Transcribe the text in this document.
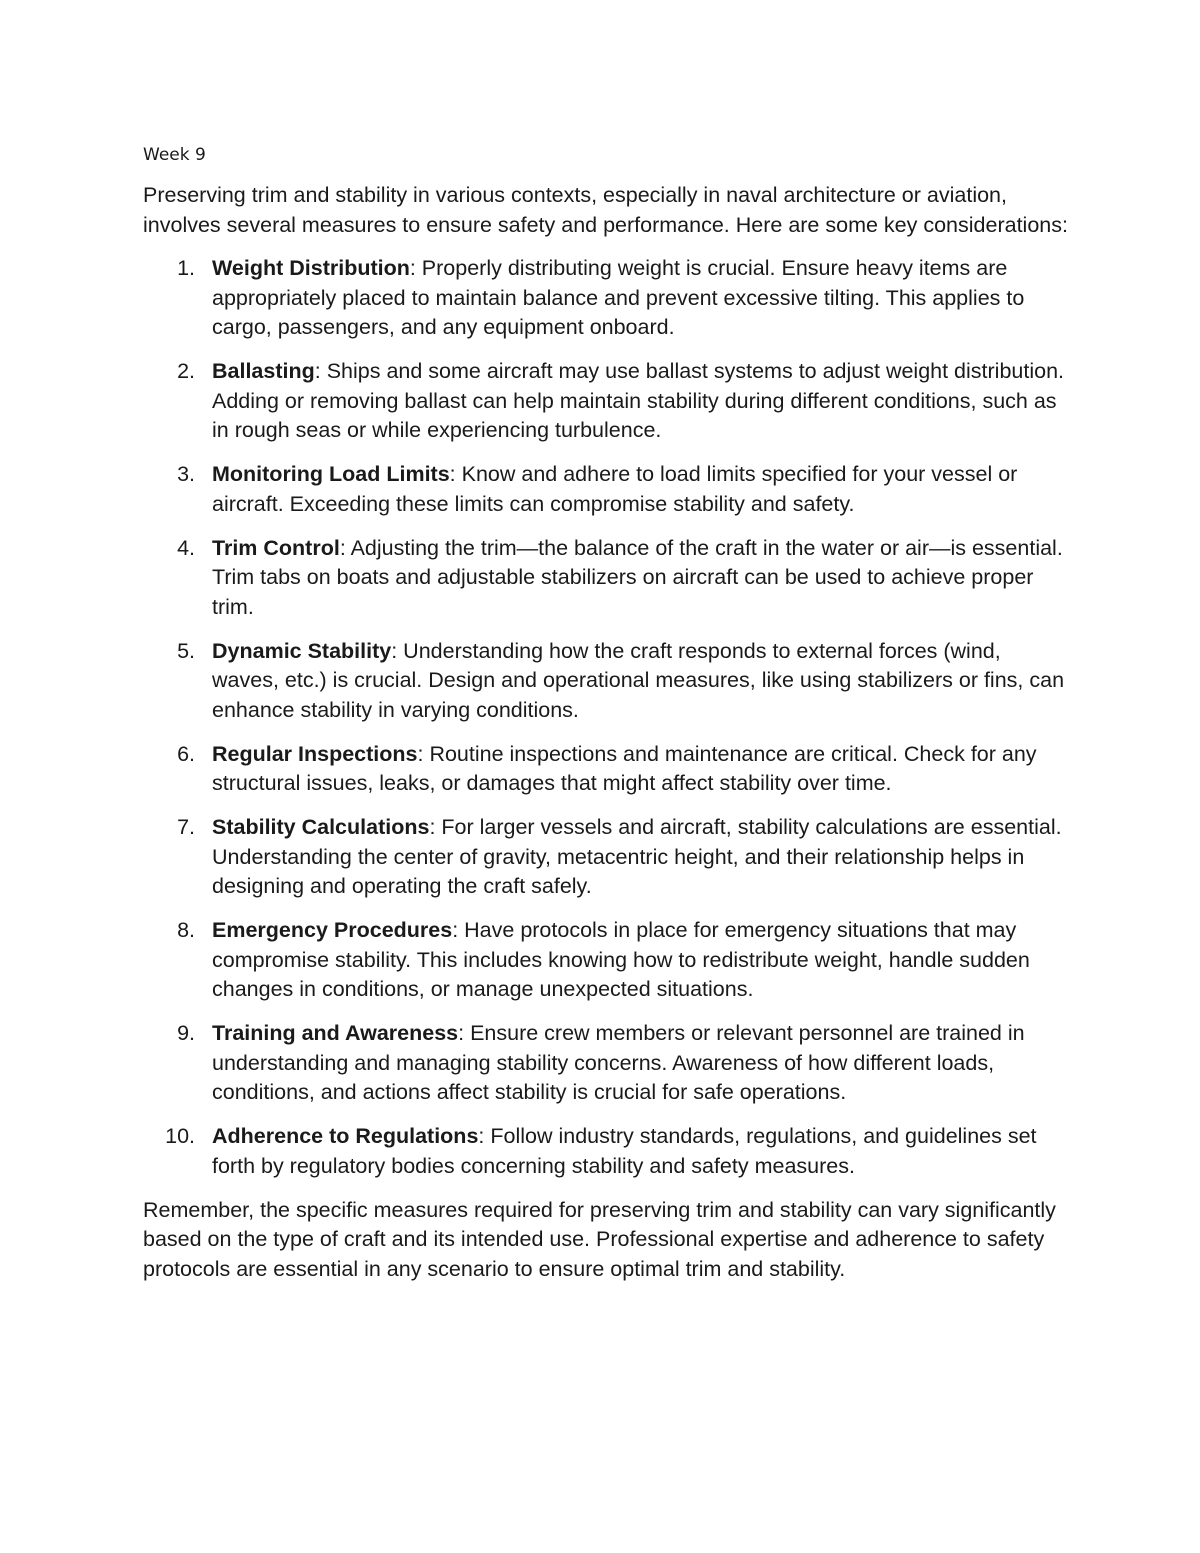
Week 9

Preserving trim and stability in various contexts, especially in naval architecture or aviation, involves several measures to ensure safety and performance. Here are some key considerations:

1. Weight Distribution: Properly distributing weight is crucial. Ensure heavy items are appropriately placed to maintain balance and prevent excessive tilting. This applies to cargo, passengers, and any equipment onboard.
2. Ballasting: Ships and some aircraft may use ballast systems to adjust weight distribution. Adding or removing ballast can help maintain stability during different conditions, such as in rough seas or while experiencing turbulence.
3. Monitoring Load Limits: Know and adhere to load limits specified for your vessel or aircraft. Exceeding these limits can compromise stability and safety.
4. Trim Control: Adjusting the trim—the balance of the craft in the water or air—is essential. Trim tabs on boats and adjustable stabilizers on aircraft can be used to achieve proper trim.
5. Dynamic Stability: Understanding how the craft responds to external forces (wind, waves, etc.) is crucial. Design and operational measures, like using stabilizers or fins, can enhance stability in varying conditions.
6. Regular Inspections: Routine inspections and maintenance are critical. Check for any structural issues, leaks, or damages that might affect stability over time.
7. Stability Calculations: For larger vessels and aircraft, stability calculations are essential. Understanding the center of gravity, metacentric height, and their relationship helps in designing and operating the craft safely.
8. Emergency Procedures: Have protocols in place for emergency situations that may compromise stability. This includes knowing how to redistribute weight, handle sudden changes in conditions, or manage unexpected situations.
9. Training and Awareness: Ensure crew members or relevant personnel are trained in understanding and managing stability concerns. Awareness of how different loads, conditions, and actions affect stability is crucial for safe operations.
10. Adherence to Regulations: Follow industry standards, regulations, and guidelines set forth by regulatory bodies concerning stability and safety measures.

Remember, the specific measures required for preserving trim and stability can vary significantly based on the type of craft and its intended use. Professional expertise and adherence to safety protocols are essential in any scenario to ensure optimal trim and stability.
